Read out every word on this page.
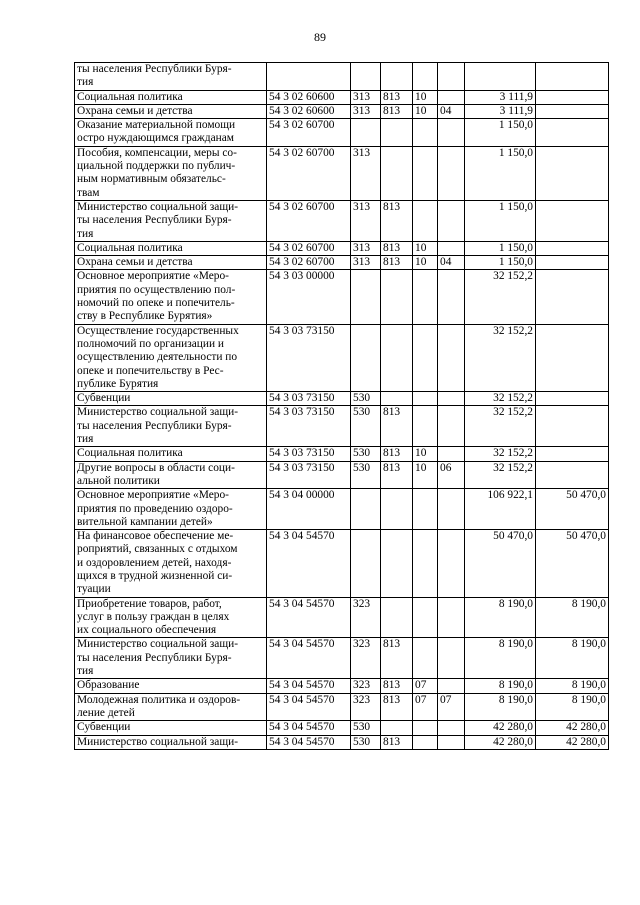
89
ты населения Республики Буря-
тия							
Социальная политика	54 3 02 60600	313	813	10		3 111,9	
Охрана семьи и детства	54 3 02 60600	313	813	10	04	3 111,9	
Оказание материальной помощи
остро нуждающимся гражданам	54 3 02 60700					1 150,0	
Пособия, компенсации, меры со-
циальной поддержки по публич-
ным нормативным обязательс-
твам	54 3 02 60700	313				1 150,0	
Министерство социальной защи-
ты населения Республики Буря-
тия	54 3 02 60700	313	813			1 150,0	
Социальная политика	54 3 02 60700	313	813	10		1 150,0	
Охрана семьи и детства	54 3 02 60700	313	813	10	04	1 150,0	
Основное мероприятие «Меро-
приятия по осуществлению пол-
номочий по опеке и попечитель-
ству в Республике Бурятия»	54 3 03 00000					32 152,2	
Осуществление государственных
полномочий по организации и
осуществлению деятельности по
опеке и попечительству в Рес-
публике Бурятия	54 3 03 73150					32 152,2	
Субвенции	54 3 03 73150	530				32 152,2	
Министерство социальной защи-
ты населения Республики Буря-
тия	54 3 03 73150	530	813			32 152,2	
Социальная политика	54 3 03 73150	530	813	10		32 152,2	
Другие вопросы в области соци-
альной политики	54 3 03 73150	530	813	10	06	32 152,2	
Основное мероприятие «Меро-
приятия по проведению оздоро-
вительной кампании детей»	54 3 04 00000					106 922,1	50 470,0
На финансовое обеспечение ме-
роприятий, связанных с отдыхом
и оздоровлением детей, находя-
щихся в трудной жизненной си-
туации	54 3 04 54570					50 470,0	50 470,0
Приобретение товаров, работ,
услуг в пользу граждан в целях
их социального обеспечения	54 3 04 54570	323				8 190,0	8 190,0
Министерство социальной защи-
ты населения Республики Буря-
тия	54 3 04 54570	323	813			8 190,0	8 190,0
Образование	54 3 04 54570	323	813	07		8 190,0	8 190,0
Молодежная политика и оздоров-
ление детей	54 3 04 54570	323	813	07	07	8 190,0	8 190,0
Субвенции	54 3 04 54570	530				42 280,0	42 280,0
Министерство социальной защи-	54 3 04 54570	530	813			42 280,0	42 280,0
